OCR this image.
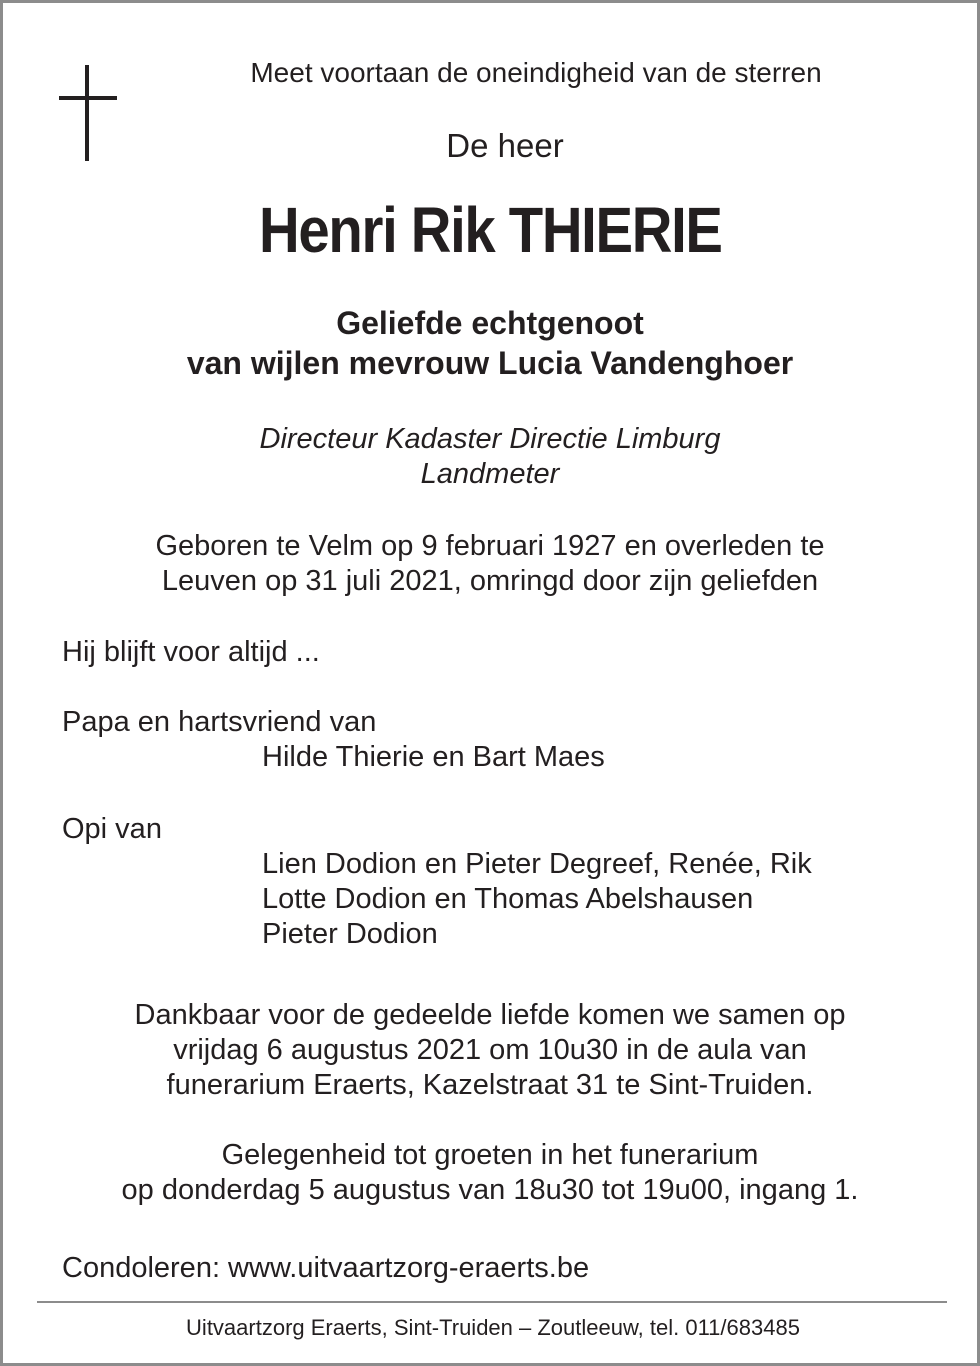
Meet voortaan de oneindigheid van de sterren
De heer
Henri Rik THIERIE
Geliefde echtgenoot
van wijlen mevrouw Lucia Vandenghoer
Directeur Kadaster Directie Limburg
Landmeter
Geboren te Velm op 9 februari 1927 en overleden te
Leuven op 31 juli 2021, omringd door zijn geliefden
Hij blijft voor altijd ...
Papa en hartsvriend van
Hilde Thierie en Bart Maes
Opi van
Lien Dodion en Pieter Degreef, Renée, Rik
Lotte Dodion en Thomas Abelshausen
Pieter Dodion
Dankbaar voor de gedeelde liefde komen we samen op
vrijdag 6 augustus 2021 om 10u30 in de aula van
funerarium Eraerts, Kazelstraat 31 te Sint-Truiden.
Gelegenheid tot groeten in het funerarium
op donderdag 5 augustus van 18u30 tot 19u00, ingang 1.
Condoleren: www.uitvaartzorg-eraerts.be
Uitvaartzorg Eraerts, Sint-Truiden – Zoutleeuw, tel. 011/683485
